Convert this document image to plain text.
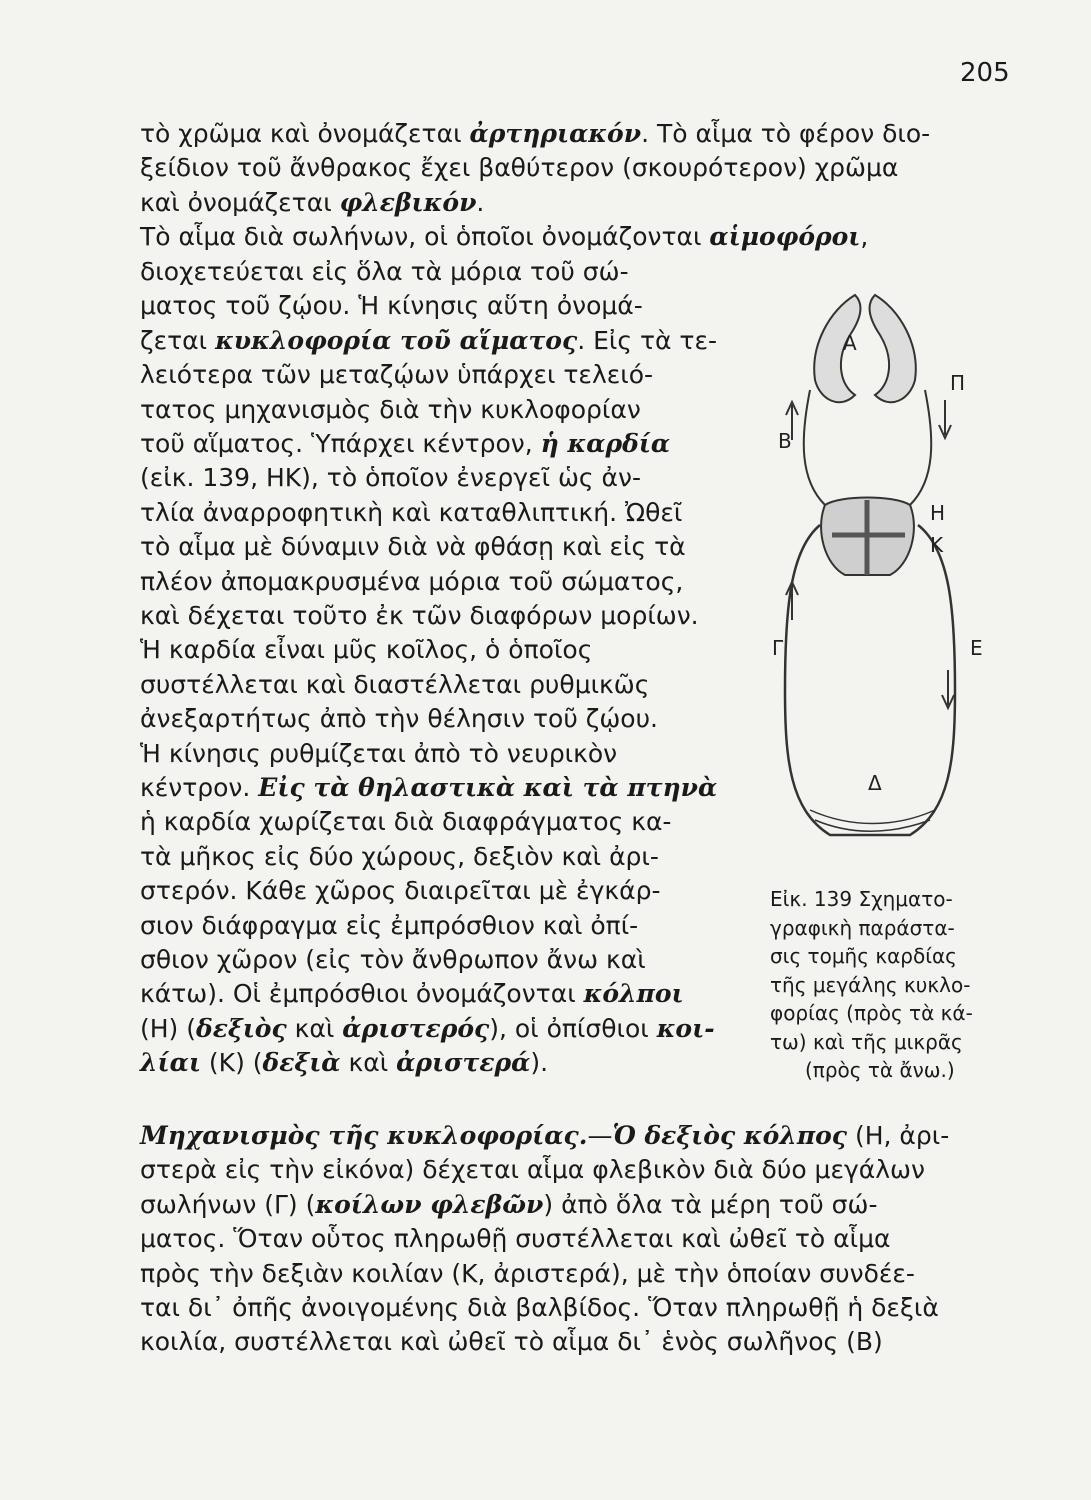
205
τὸ χρῶμα καὶ ὀνομάζεται ἀρτηριακόν. Τὸ αἷμα τὸ φέρον διο-
ξείδιον τοῦ ἄνθρακος ἔχει βαθύτερον (σκουρότερον) χρῶμα
καὶ ὀνομάζεται φλεβικόν.
Τὸ αἷμα διὰ σωλήνων, οἱ ὁποῖοι ὀνομάζονται αἱμοφόροι,
διοχετεύεται εἰς ὅλα τὰ μόρια τοῦ σώ-
ματος τοῦ ζῴου. Ἡ κίνησις αὕτη ὀνομά-
ζεται κυκλοφορία τοῦ αἵματος. Εἰς τὰ τε-
λειότερα τῶν μεταζῴων ὑπάρχει τελειό-
τατος μηχανισμὸς διὰ τὴν κυκλοφορίαν
τοῦ αἵματος. Ὑπάρχει κέντρον, ἡ καρδία
(εἰκ. 139, ΗΚ), τὸ ὁποῖον ἐνεργεῖ ὡς ἀν-
τλία ἀναρροφητικὴ καὶ καταθλιπτική. Ὠθεῖ
τὸ αἷμα μὲ δύναμιν διὰ νὰ φθάσῃ καὶ εἰς τὰ
πλέον ἀπομακρυσμένα μόρια τοῦ σώματος,
καὶ δέχεται τοῦτο ἐκ τῶν διαφόρων μορίων.
Ἡ καρδία εἶναι μῦς κοῖλος, ὁ ὁποῖος
συστέλλεται καὶ διαστέλλεται ρυθμικῶς
ἀνεξαρτήτως ἀπὸ τὴν θέλησιν τοῦ ζῴου.
Ἡ κίνησις ρυθμίζεται ἀπὸ τὸ νευρικὸν
κέντρον. Εἰς τὰ θηλαστικὰ καὶ τὰ πτηνὰ
ἡ καρδία χωρίζεται διὰ διαφράγματος κα-
τὰ μῆκος εἰς δύο χώρους, δεξιὸν καὶ ἀρι-
στερόν. Κάθε χῶρος διαιρεῖται μὲ ἐγκάρ-
σιον διάφραγμα εἰς ἐμπρόσθιον καὶ ὀπί-
σθιον χῶρον (εἰς τὸν ἄνθρωπον ἄνω καὶ
κάτω). Οἱ ἐμπρόσθιοι ὀνομάζονται κόλποι
(Η) (δεξιὸς καὶ ἀριστερός), οἱ ὀπίσθιοι κοι-
λίαι (Κ) (δεξιὰ καὶ ἀριστερά).
Μηχανισμὸς τῆς κυκλοφορίας.—Ὁ δεξιὸς κόλπος (Η, ἀρι-
στερὰ εἰς τὴν εἰκόνα) δέχεται αἷμα φλεβικὸν διὰ δύο μεγάλων
σωλήνων (Γ) (κοίλων φλεβῶν) ἀπὸ ὅλα τὰ μέρη τοῦ σώ-
ματος. Ὅταν οὗτος πληρωθῇ συστέλλεται καὶ ὠθεῖ τὸ αἷμα
πρὸς τὴν δεξιὰν κοιλίαν (Κ, ἀριστερά), μὲ τὴν ὁποίαν συνδέε-
ται δι᾿ ὀπῆς ἀνοιγομένης διὰ βαλβίδος. Ὅταν πληρωθῇ ἡ δεξιὰ
κοιλία, συστέλλεται καὶ ὠθεῖ τὸ αἷμα δι᾿ ἑνὸς σωλῆνος (Β)
Α
Π
Β
Η
Κ
Γ	Ε
Δ
Εἰκ. 139 Σχηματο-
γραφικὴ παράστα-
σις τομῆς καρδίας
τῆς μεγάλης κυκλο-
φορίας (πρὸς τὰ κά-
τω) καὶ τῆς μικρᾶς
(πρὸς τὰ ἄνω.)
